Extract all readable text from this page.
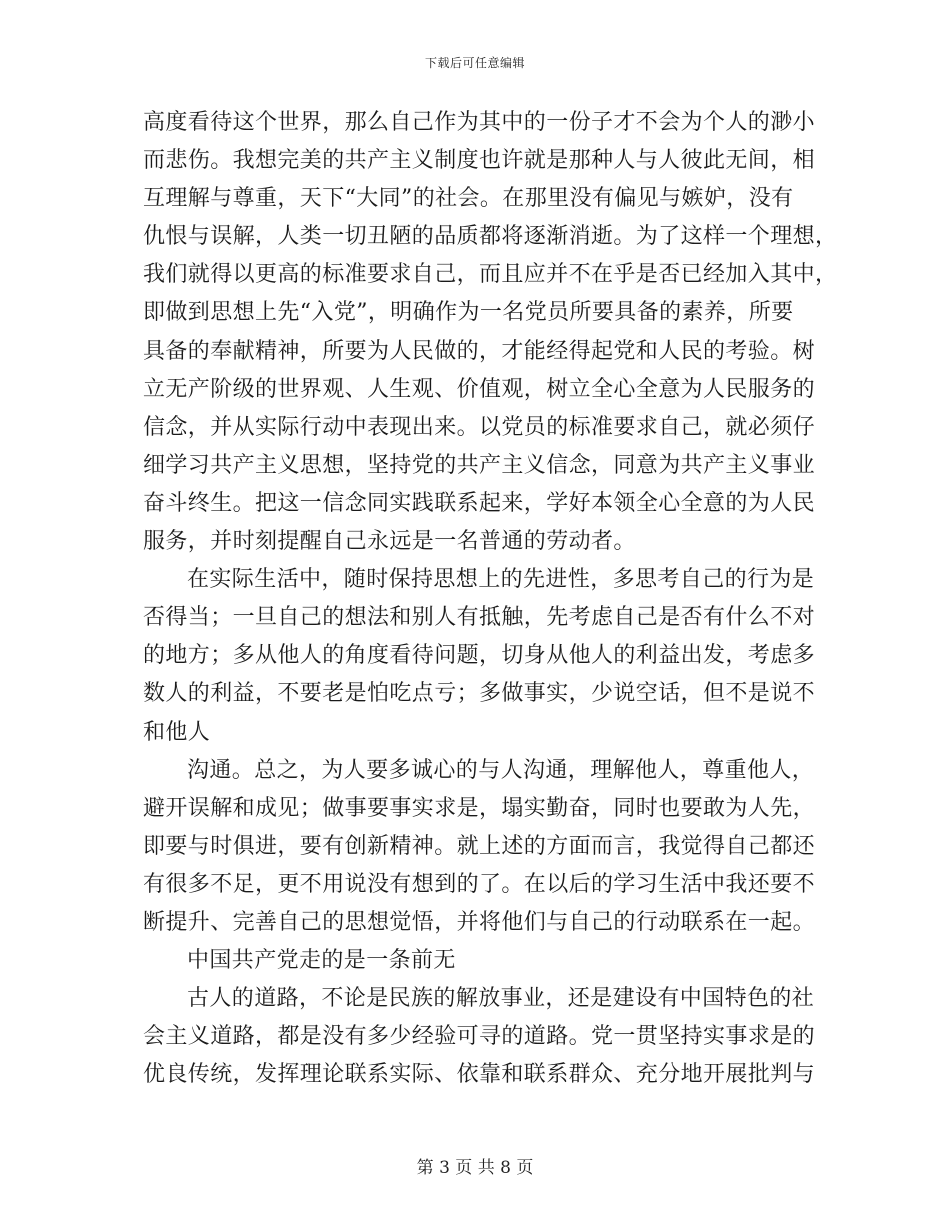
下载后可任意编辑
高度看待这个世界，那么自己作为其中的一份子才不会为个人的渺小
而悲伤。我想完美的共产主义制度也许就是那种人与人彼此无间，相
互理解与尊重，天下“大同”的社会。在那里没有偏见与嫉妒，没有
仇恨与误解，人类一切丑陋的品质都将逐渐消逝。为了这样一个理想，
我们就得以更高的标准要求自己，而且应并不在乎是否已经加入其中，
即做到思想上先“入党”，明确作为一名党员所要具备的素养，所要
具备的奉献精神，所要为人民做的，才能经得起党和人民的考验。树
立无产阶级的世界观、人生观、价值观，树立全心全意为人民服务的
信念，并从实际行动中表现出来。以党员的标准要求自己，就必须仔
细学习共产主义思想，坚持党的共产主义信念，同意为共产主义事业
奋斗终生。把这一信念同实践联系起来，学好本领全心全意的为人民
服务，并时刻提醒自己永远是一名普通的劳动者。
在实际生活中，随时保持思想上的先进性，多思考自己的行为是
否得当；一旦自己的想法和别人有抵触，先考虑自己是否有什么不对
的地方；多从他人的角度看待问题，切身从他人的利益出发，考虑多
数人的利益，不要老是怕吃点亏；多做事实，少说空话，但不是说不
和他人
沟通。总之，为人要多诚心的与人沟通，理解他人，尊重他人，
避开误解和成见；做事要事实求是，塌实勤奋，同时也要敢为人先，
即要与时俱进，要有创新精神。就上述的方面而言，我觉得自己都还
有很多不足，更不用说没有想到的了。在以后的学习生活中我还要不
断提升、完善自己的思想觉悟，并将他们与自己的行动联系在一起。
中国共产党走的是一条前无
古人的道路，不论是民族的解放事业，还是建设有中国特色的社
会主义道路，都是没有多少经验可寻的道路。党一贯坚持实事求是的
优良传统，发挥理论联系实际、依靠和联系群众、充分地开展批判与
第 3 页 共 8 页
